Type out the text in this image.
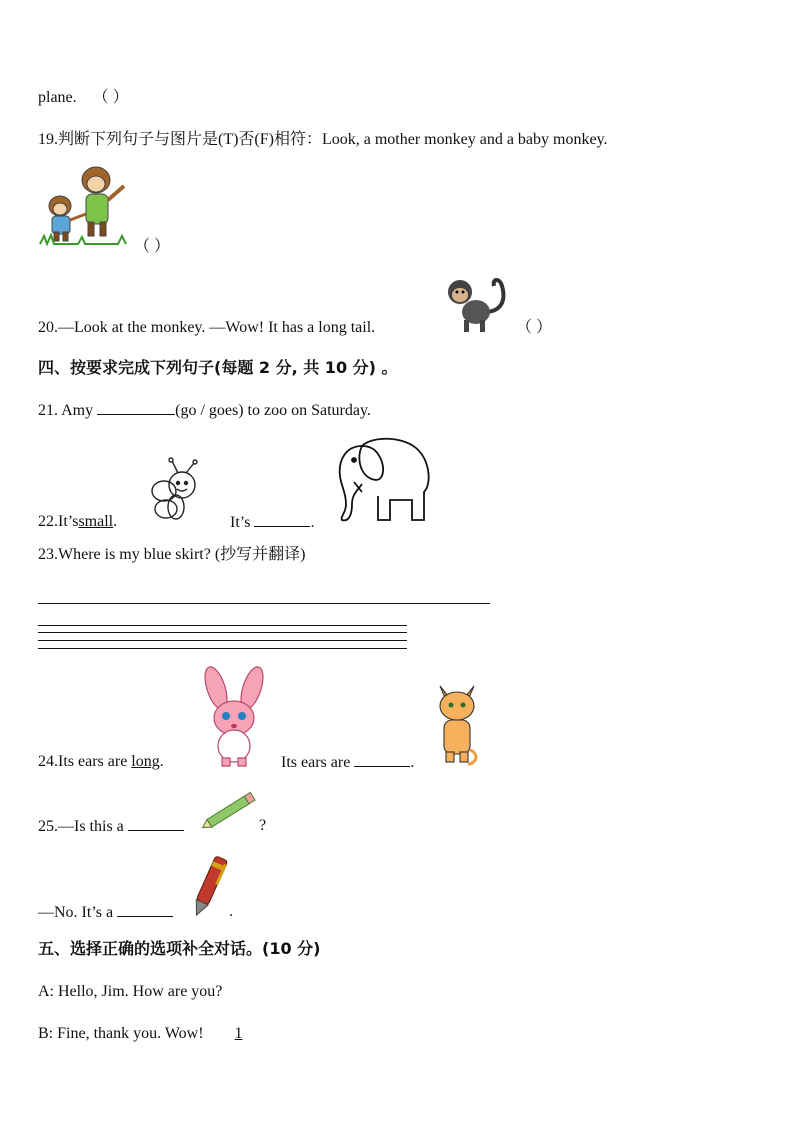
plane. （ ）
19.判断下列句子与图片是(T)否(F)相符：Look, a mother monkey and a baby monkey.
（ ）
20.—Look at the monkey. —Wow! It has a long tail.	（ ）
四、按要求完成下列句子(每题 2 分, 共 10 分) 。
21. Amy	(go / goes) to zoo on Saturday.
22.It’ssmall.	It’s	.
23.Where is my blue skirt? (抄写并翻译)
24.Its ears are long.	Its ears are	.
25.—Is this a	?
—No. It’s a	.
五、选择正确的选项补全对话。(10 分)
A: Hello, Jim. How are you?
B: Fine, thank you. Wow! 1
